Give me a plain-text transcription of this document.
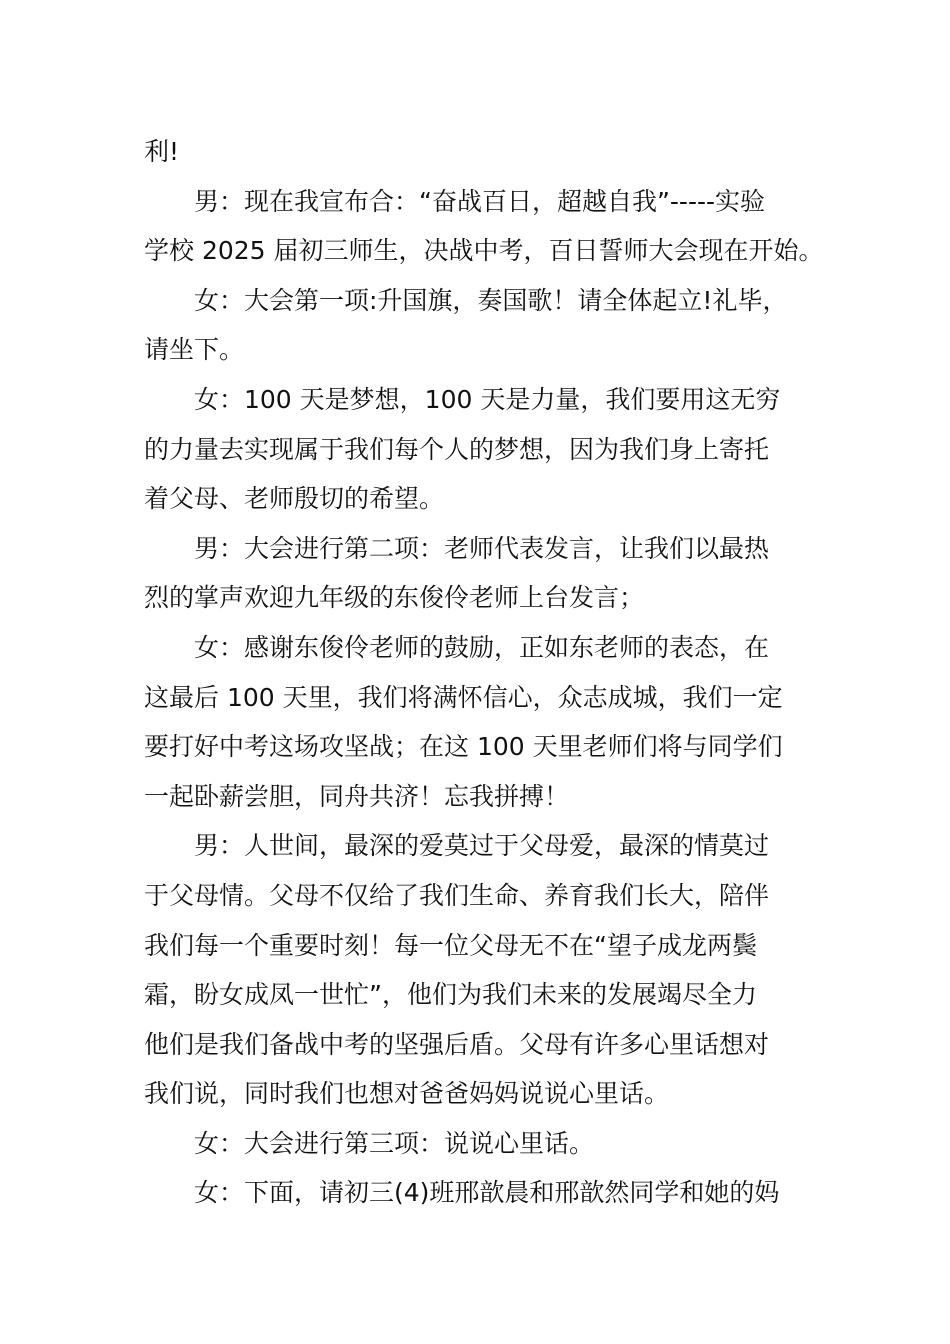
利!
男：现在我宣布合：“奋战百日，超越自我”-----实验
学校 2025 届初三师生，决战中考，百日誓师大会现在开始。
女：大会第一项:升国旗，奏国歌！请全体起立!礼毕，
请坐下。
女：100 天是梦想，100 天是力量，我们要用这无穷
的力量去实现属于我们每个人的梦想，因为我们身上寄托
着父母、老师殷切的希望。
男：大会进行第二项：老师代表发言，让我们以最热
烈的掌声欢迎九年级的东俊伶老师上台发言；
女：感谢东俊伶老师的鼓励，正如东老师的表态，在
这最后 100 天里，我们将满怀信心，众志成城，我们一定
要打好中考这场攻坚战；在这 100 天里老师们将与同学们
一起卧薪尝胆，同舟共济！忘我拼搏！
男：人世间，最深的爱莫过于父母爱，最深的情莫过
于父母情。父母不仅给了我们生命、养育我们长大，陪伴
我们每一个重要时刻！每一位父母无不在“望子成龙两鬓
霜，盼女成凤一世忙”，他们为我们未来的发展竭尽全力
他们是我们备战中考的坚强后盾。父母有许多心里话想对
我们说，同时我们也想对爸爸妈妈说说心里话。
女：大会进行第三项：说说心里话。
女：下面，请初三(4)班邢歆晨和邢歆然同学和她的妈
